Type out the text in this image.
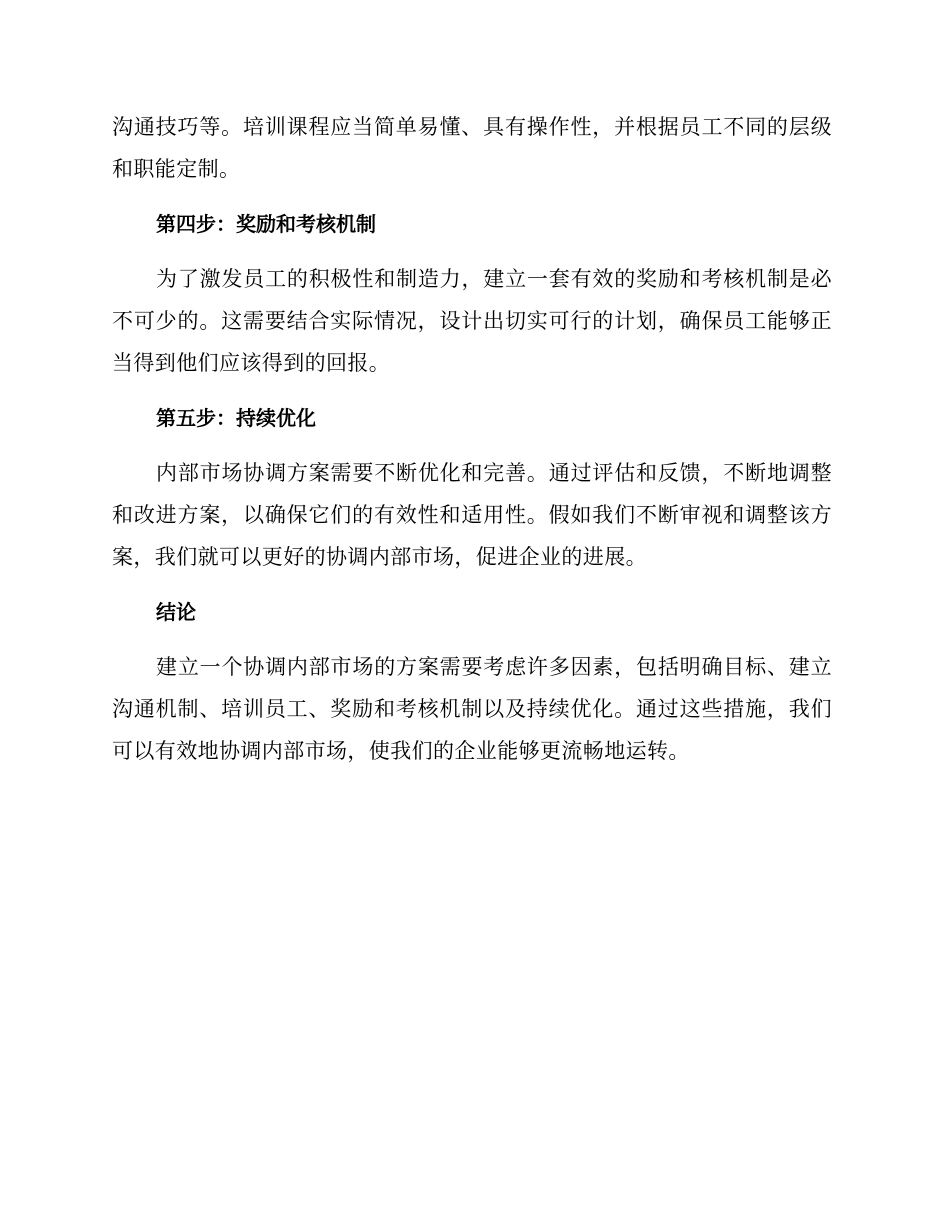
沟通技巧等。培训课程应当简单易懂、具有操作性，并根据员工不同的层级和职能定制。

第四步：奖励和考核机制

为了激发员工的积极性和制造力，建立一套有效的奖励和考核机制是必不可少的。这需要结合实际情况，设计出切实可行的计划，确保员工能够正当得到他们应该得到的回报。

第五步：持续优化

内部市场协调方案需要不断优化和完善。通过评估和反馈，不断地调整和改进方案，以确保它们的有效性和适用性。假如我们不断审视和调整该方案，我们就可以更好的协调内部市场，促进企业的进展。

结论

建立一个协调内部市场的方案需要考虑许多因素，包括明确目标、建立沟通机制、培训员工、奖励和考核机制以及持续优化。通过这些措施，我们可以有效地协调内部市场，使我们的企业能够更流畅地运转。
